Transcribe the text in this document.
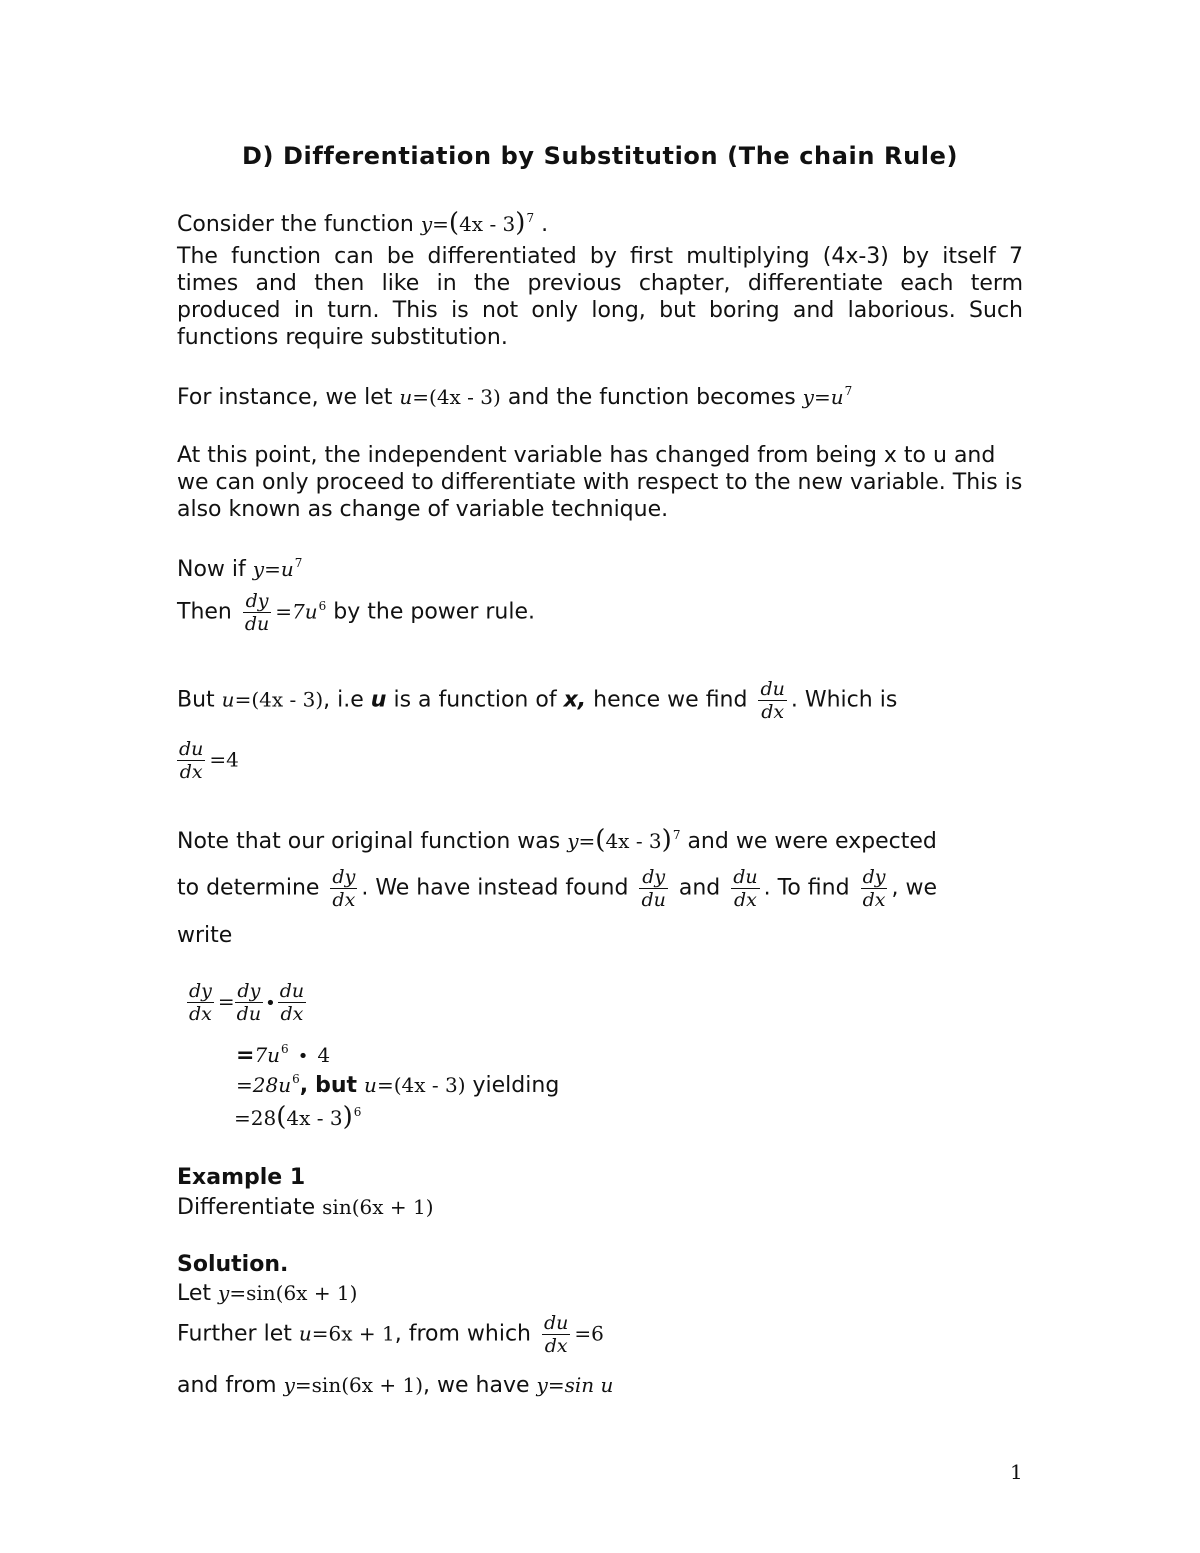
D) Differentiation by Substitution (The chain Rule)
Consider the function y=(4x - 3)$^7$ .
The function can be differentiated by first multiplying (4x-3) by itself 7 times and then like in the previous chapter, differentiate each term produced in turn. This is not only long, but boring and laborious. Such functions require substitution.
For instance, we let u=(4x - 3) and the function becomes $y=u^7$
At this point, the independent variable has changed from being x to u and we can only proceed to differentiate with respect to the new variable. This is also known as change of variable technique.
Now if $y=u^7$
Then $\frac{dy}{du} =7u^6$ by the power rule.
But u=(4x - 3), i.e u is a function of x, hence we find $\frac{du}{dx}$ . Which is
$\frac{du}{dx} =4$
Note that our original function was y=(4x - 3)$^7$ and we were expected
to determine $\frac{dy}{dx}$ . We have instead found $\frac{dy}{du}$ and $\frac{du}{dx}$ . To find $\frac{dy}{dx}$ , we
write
$\frac{dy}{dx} = \frac{dy}{du}$ • $\frac{du}{dx}$
$=7u^6$ • 4
$=28u^6$, but u=(4x - 3) yielding
=28(4x - 3)$^6$
Example 1
Differentiate sin(6x + 1)
Solution.
Let y=sin(6x + 1)
Further let u=6x + 1, from which $\frac{du}{dx} =6$
and from y=sin(6x + 1), we have y=sin u
1
